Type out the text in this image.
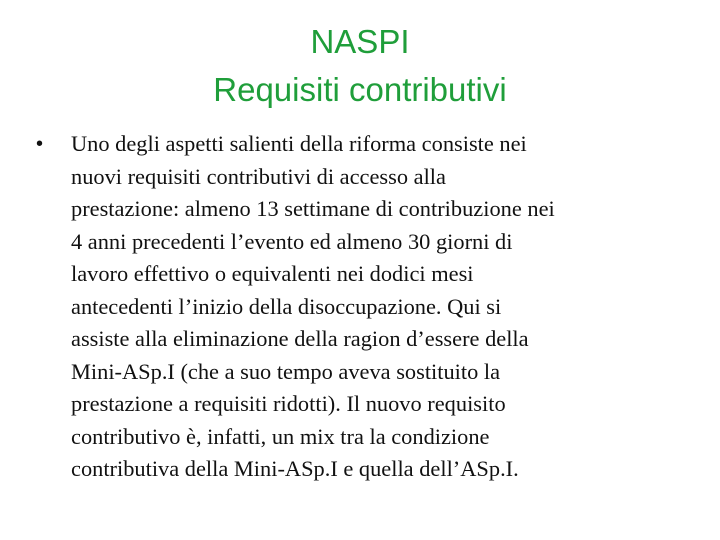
NASPI
Requisiti contributivi
•	Uno degli aspetti salienti della riforma consiste nei
nuovi requisiti contributivi di accesso alla
prestazione: almeno 13 settimane di contribuzione nei
4 anni precedenti l’evento ed almeno 30 giorni di
lavoro effettivo o equivalenti nei dodici mesi
antecedenti l’inizio della disoccupazione. Qui si
assiste alla eliminazione della ragion d’essere della
Mini-ASp.I (che a suo tempo aveva sostituito la
prestazione a requisiti ridotti). Il nuovo requisito
contributivo è, infatti, un mix tra la condizione
contributiva della Mini-ASp.I e quella dell’ASp.I.
